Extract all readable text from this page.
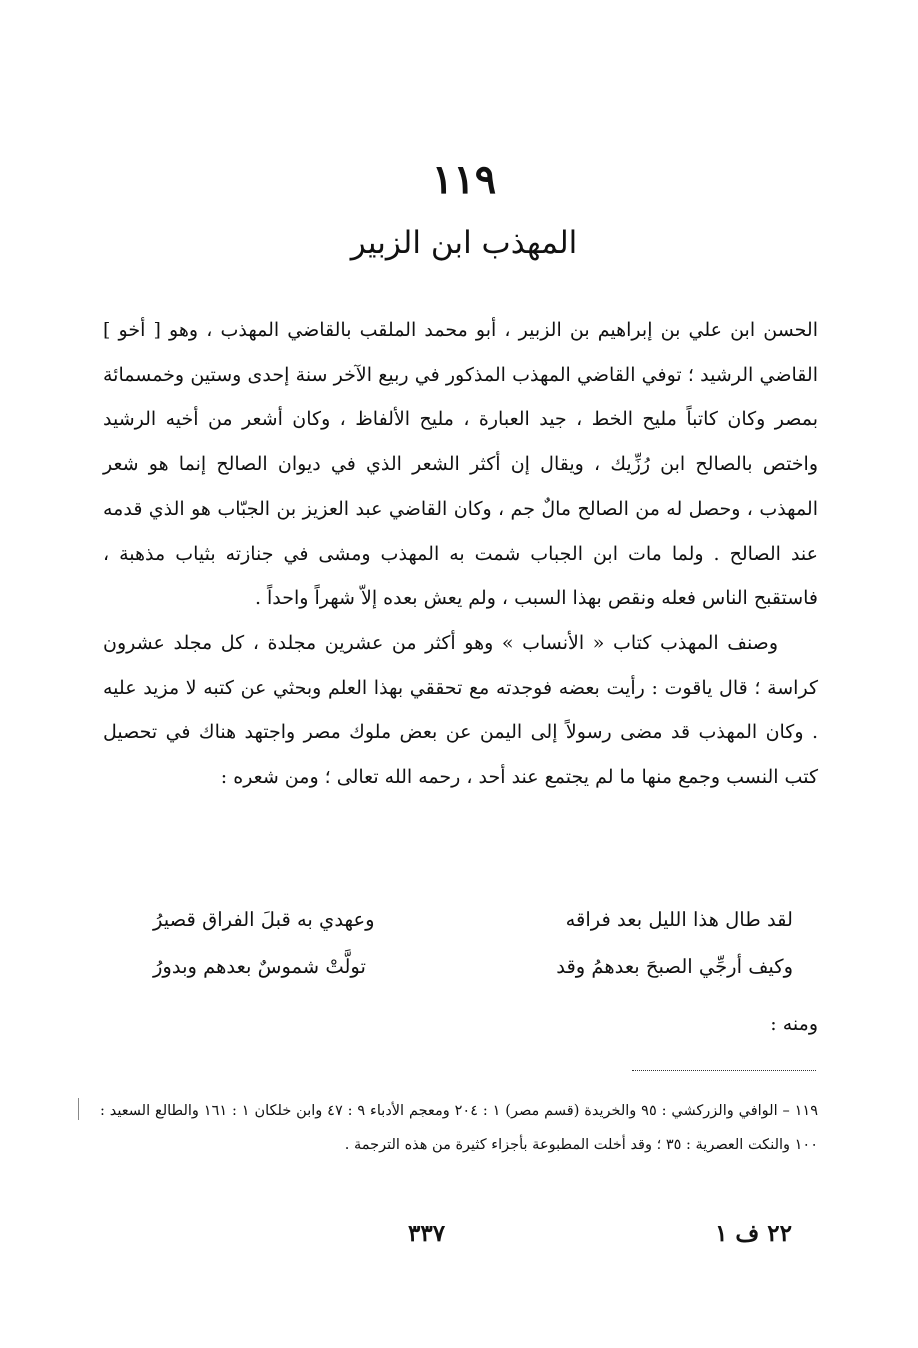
١١٩
المهذب ابن الزبير

الحسن ابن علي بن إبراهيم بن الزبير ، أبو محمد الملقب بالقاضي المهذب ، وهو [ أخو ] القاضي الرشيد ؛ توفي القاضي المهذب المذكور في ربيع الآخر سنة إحدى وستين وخمسمائة بمصر وكان كاتباً مليح الخط ، جيد العبارة ، مليح الألفاظ ، وكان أشعر من أخيه الرشيد واختص بالصالح ابن رُزِّيك ، ويقال إن أكثر الشعر الذي في ديوان الصالح إنما هو شعر المهذب ، وحصل له من الصالح مالٌ جم ، وكان القاضي عبد العزيز بن الجبّاب هو الذي قدمه عند الصالح . ولما مات ابن الجباب شمت به المهذب ومشى في جنازته بثياب مذهبة ، فاستقبح الناس فعله ونقص بهذا السبب ، ولم يعش بعده إلاّ شهراً واحداً .

وصنف المهذب كتاب « الأنساب » وهو أكثر من عشرين مجلدة ، كل مجلد عشرون كراسة ؛ قال ياقوت : رأيت بعضه فوجدته مع تحققي بهذا العلم وبحثي عن كتبه لا مزيد عليه . وكان المهذب قد مضى رسولاً إلى اليمن عن بعض ملوك مصر واجتهد هناك في تحصيل كتب النسب وجمع منها ما لم يجتمع عند أحد ، رحمه الله تعالى ؛ ومن شعره :

لقد طال هذا الليل بعد فراقه
وعهدي به قبلَ الفراق قصيرُ
وكيف أرجِّي الصبحَ بعدهمُ وقد
تولَّتْ شموسٌ بعدهم وبدورُ
ومنه :

١١٩ – الوافي والزركشي : ٩٥ والخريدة (قسم مصر) ١ : ٢٠٤ ومعجم الأدباء ٩ : ٤٧ وابن خلكان ١ : ١٦١ والطالع السعيد : ١٠٠ والنكت العصرية : ٣٥ ؛ وقد أخلت المطبوعة بأجزاء كثيرة من هذه الترجمة .

٢٢ ف ١
٣٣٧
